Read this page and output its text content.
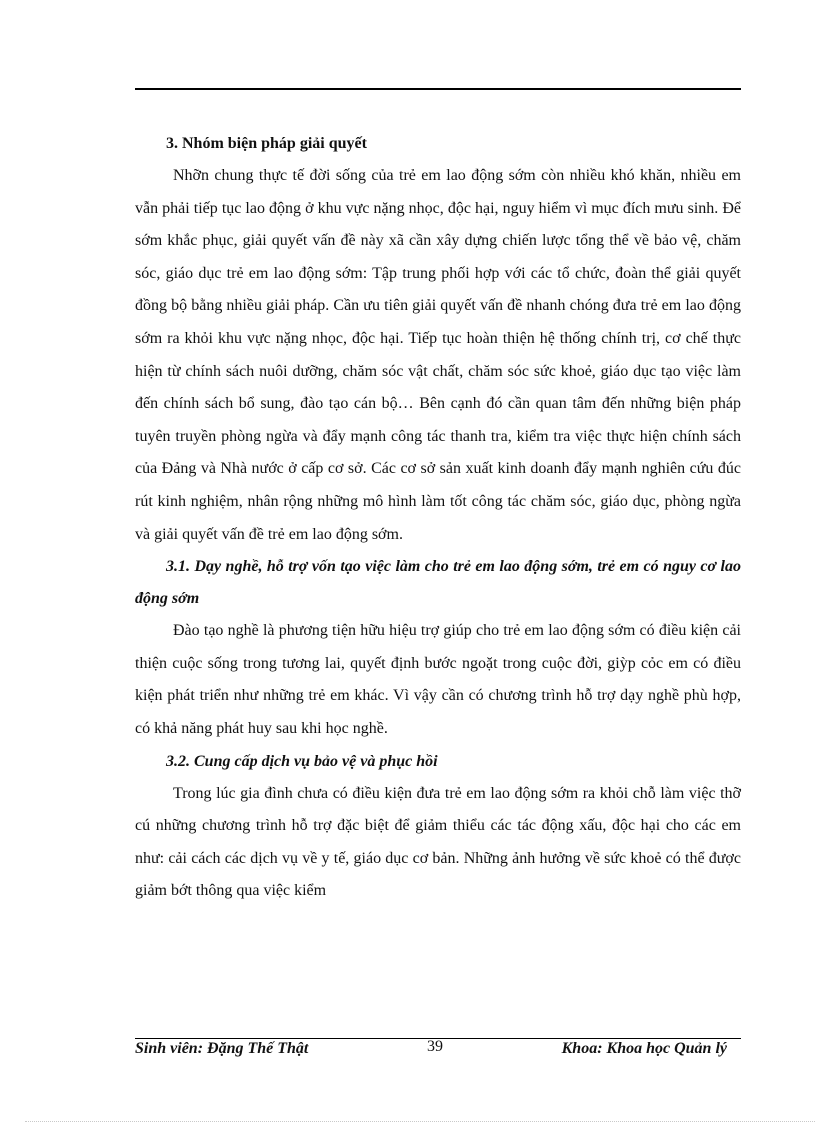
3. Nhóm biện pháp giải quyết

Nhỡn chung thực tế đời sống của trẻ em lao động sớm còn nhiều khó khăn, nhiều em vẫn phải tiếp tục lao động ở khu vực nặng nhọc, độc hại, nguy hiểm vì mục đích mưu sinh. Để sớm khắc phục, giải quyết vấn đề này xã cần xây dựng chiến lược tổng thể về bảo vệ, chăm sóc, giáo dục trẻ em lao động sớm: Tập trung phối hợp với các tổ chức, đoàn thể giải quyết đồng bộ bằng nhiều giải pháp. Cần ưu tiên giải quyết vấn đề nhanh chóng đưa trẻ em lao động sớm ra khỏi khu vực nặng nhọc, độc hại. Tiếp tục hoàn thiện hệ thống chính trị, cơ chế thực hiện từ chính sách nuôi dưỡng, chăm sóc vật chất, chăm sóc sức khoẻ, giáo dục tạo việc làm đến chính sách bổ sung, đào tạo cán bộ… Bên cạnh đó cần quan tâm đến những biện pháp tuyên truyền phòng ngừa và đẩy mạnh công tác thanh tra, kiểm tra việc thực hiện chính sách của Đảng và Nhà nước ở cấp cơ sở. Các cơ sở sản xuất kinh doanh đẩy mạnh nghiên cứu đúc rút kinh nghiệm, nhân rộng những mô hình làm tốt công tác chăm sóc, giáo dục, phòng ngừa và giải quyết vấn đề trẻ em lao động sớm.

3.1. Dạy nghề, hỗ trợ vốn tạo việc làm cho trẻ em lao động sớm, trẻ em có nguy cơ lao động sớm

Đào tạo nghề là phương tiện hữu hiệu trợ giúp cho trẻ em lao động sớm có điều kiện cải thiện cuộc sống trong tương lai, quyết định bước ngoặt trong cuộc đời, giỳp cỏc em có điều kiện phát triển như những trẻ em khác. Vì vậy cần có chương trình hỗ trợ dạy nghề phù hợp, có khả năng phát huy sau khi học nghề.

3.2. Cung cấp dịch vụ bảo vệ và phục hồi

Trong lúc gia đình chưa có điều kiện đưa trẻ em lao động sớm ra khỏi chỗ làm việc thỡ cú những chương trình hỗ trợ đặc biệt để giảm thiểu các tác động xấu, độc hại cho các em như: cải cách các dịch vụ về y tế, giáo dục cơ bản. Những ảnh hưởng về sức khoẻ có thể được giảm bớt thông qua việc kiểm

Sinh viên: Đặng Thế Thật	39	Khoa: Khoa học Quản lý
